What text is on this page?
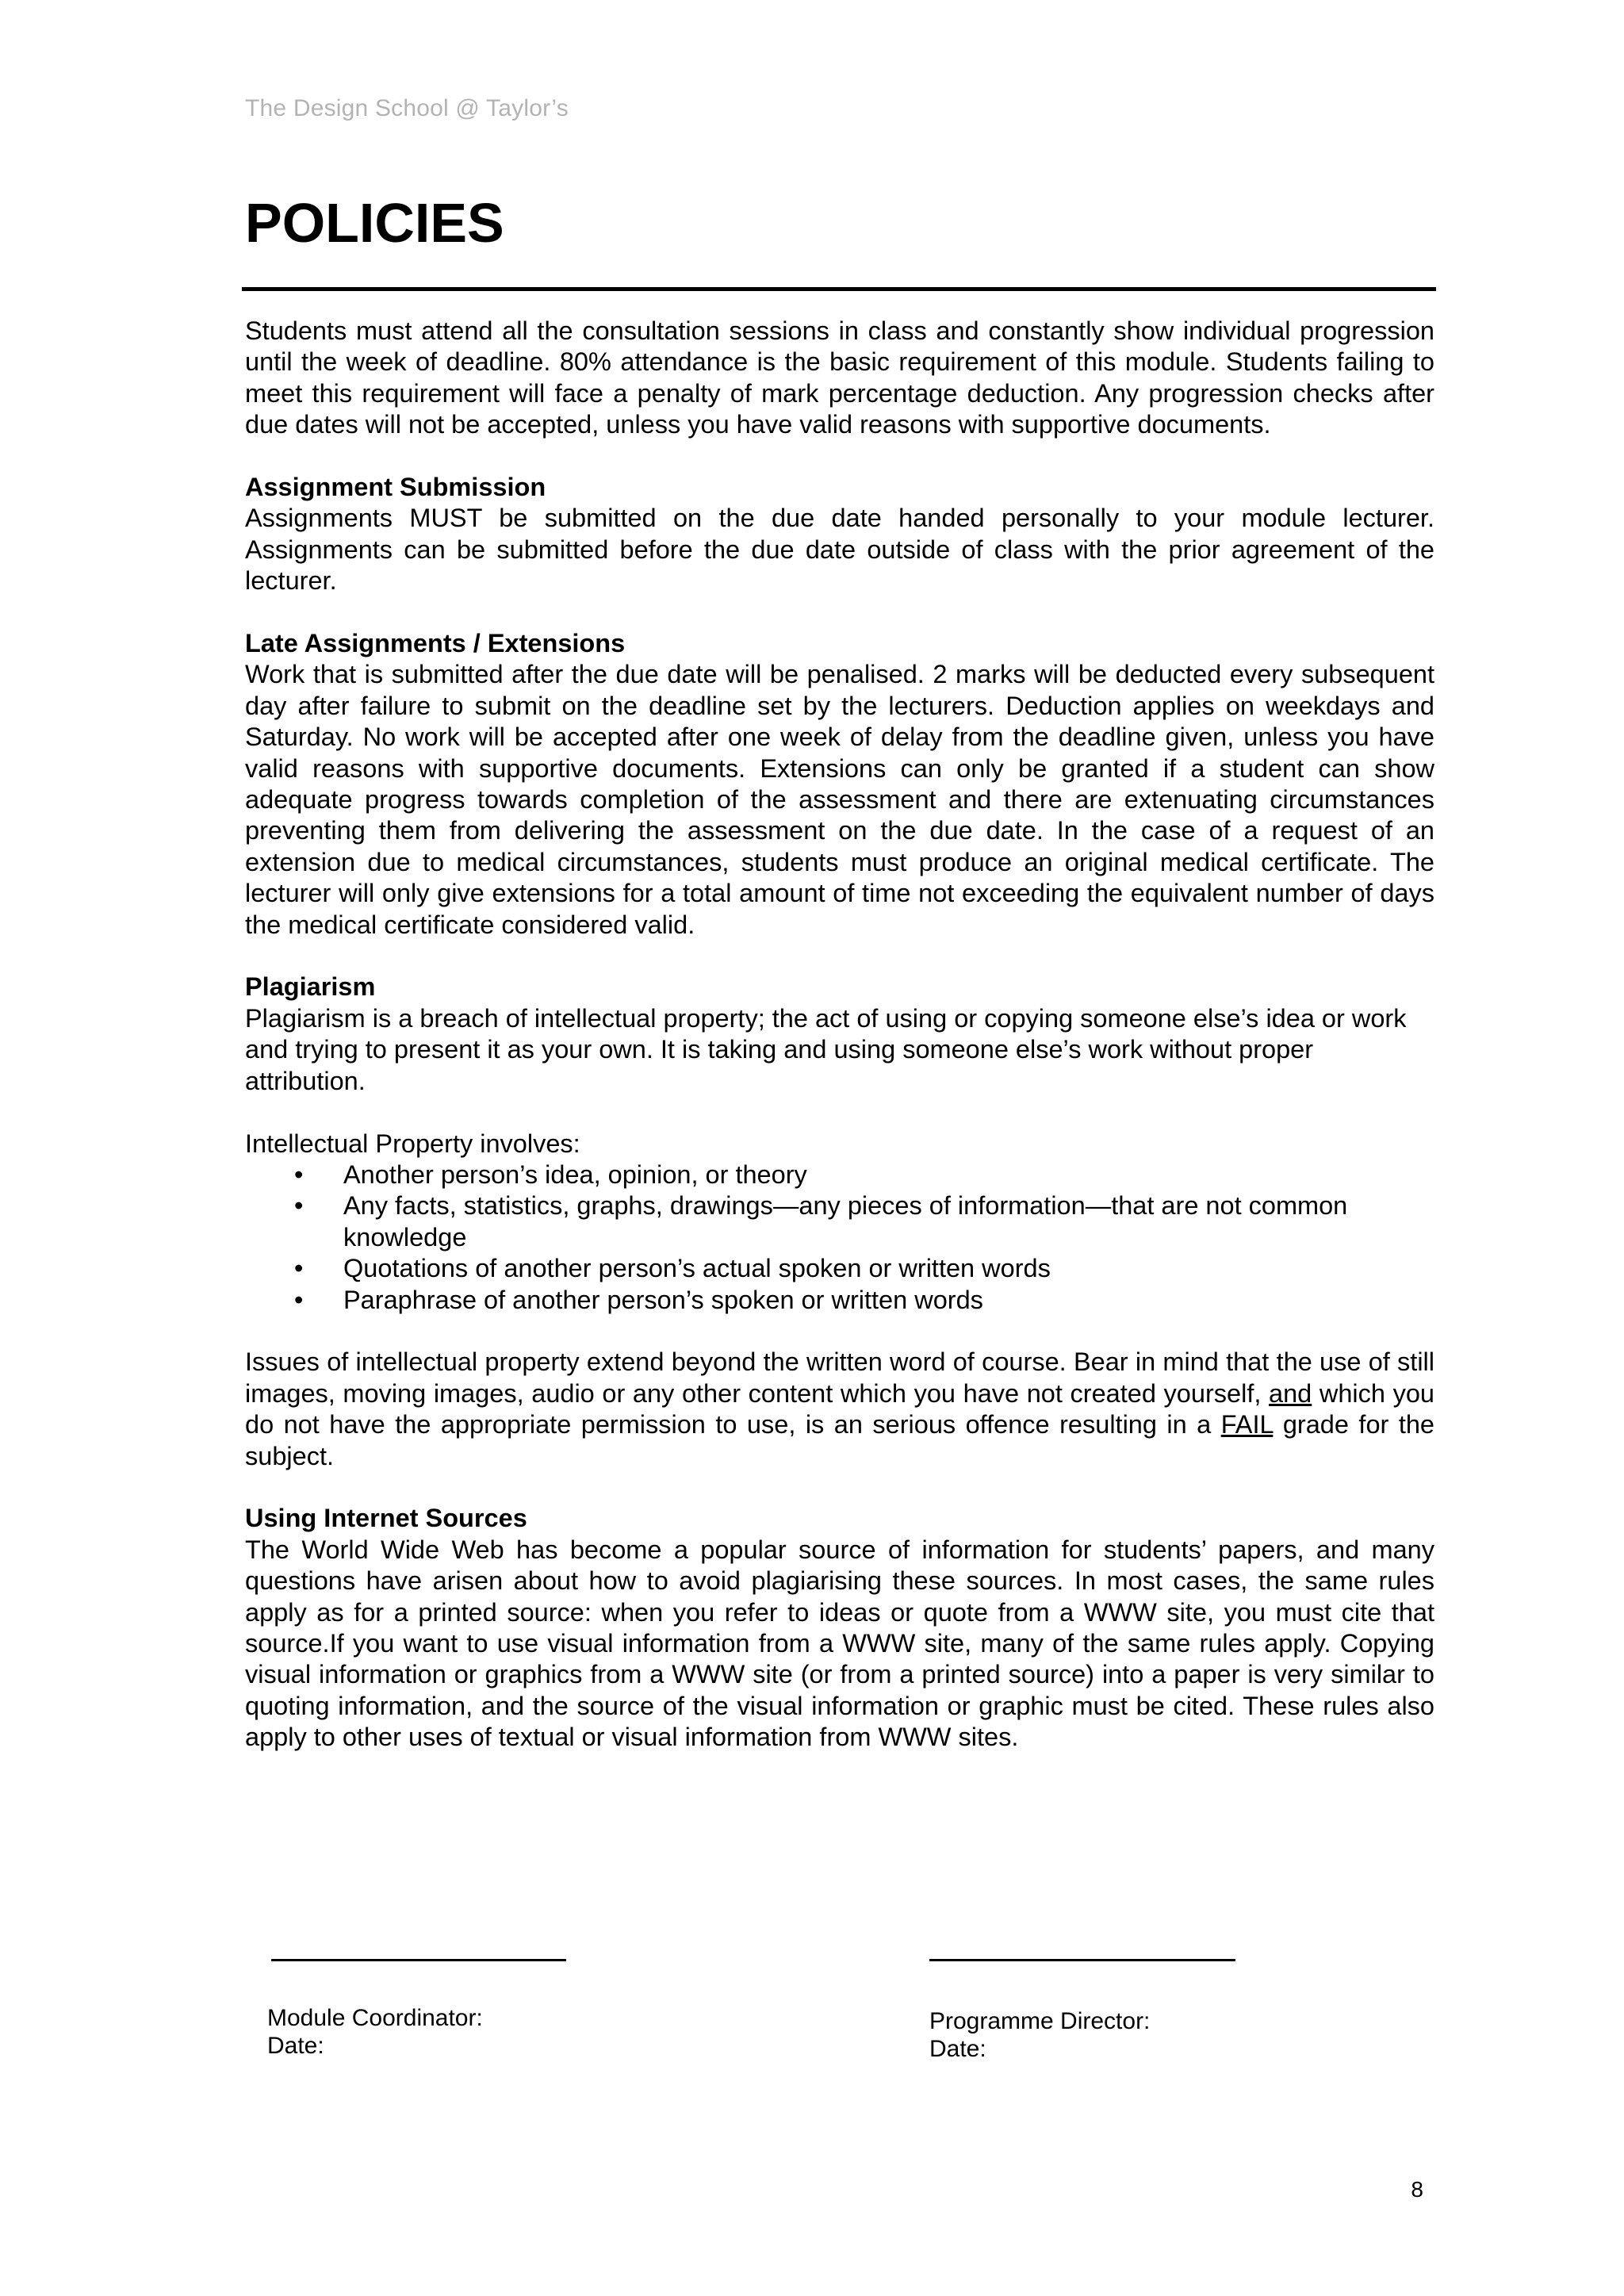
The Design School @ Taylor’s
POLICIES

Students must attend all the consultation sessions in class and constantly show individual progression until the week of deadline. 80% attendance is the basic requirement of this module. Students failing to meet this requirement will face a penalty of mark percentage deduction. Any progression checks after due dates will not be accepted, unless you have valid reasons with supportive documents.

Assignment Submission

Assignments MUST be submitted on the due date handed personally to your module lecturer. Assignments can be submitted before the due date outside of class with the prior agreement of the lecturer.

Late Assignments / Extensions

Work that is submitted after the due date will be penalised. 2 marks will be deducted every subsequent day after failure to submit on the deadline set by the lecturers. Deduction applies on weekdays and Saturday. No work will be accepted after one week of delay from the deadline given, unless you have valid reasons with supportive documents. Extensions can only be granted if a student can show adequate progress towards completion of the assessment and there are extenuating circumstances preventing them from delivering the assessment on the due date. In the case of a request of an extension due to medical circumstances, students must produce an original medical certificate. The lecturer will only give extensions for a total amount of time not exceeding the equivalent number of days the medical certificate considered valid.

Plagiarism

Plagiarism is a breach of intellectual property; the act of using or copying someone else’s idea or work and trying to present it as your own. It is taking and using someone else’s work without proper attribution.

Intellectual Property involves:

• Another person’s idea, opinion, or theory
• Any facts, statistics, graphs, drawings—any pieces of information—that are not common knowledge
• Quotations of another person’s actual spoken or written words
• Paraphrase of another person’s spoken or written words

Issues of intellectual property extend beyond the written word of course. Bear in mind that the use of still images, moving images, audio or any other content which you have not created yourself, and which you do not have the appropriate permission to use, is an serious offence resulting in a FAIL grade for the subject.

Using Internet Sources

The World Wide Web has become a popular source of information for students’ papers, and many questions have arisen about how to avoid plagiarising these sources. In most cases, the same rules apply as for a printed source: when you refer to ideas or quote from a WWW site, you must cite that source.If you want to use visual information from a WWW site, many of the same rules apply. Copying visual information or graphics from a WWW site (or from a printed source) into a paper is very similar to quoting information, and the source of the visual information or graphic must be cited. These rules also apply to other uses of textual or visual information from WWW sites.

Module Coordinator:
Date:
Programme Director:
Date:
8
